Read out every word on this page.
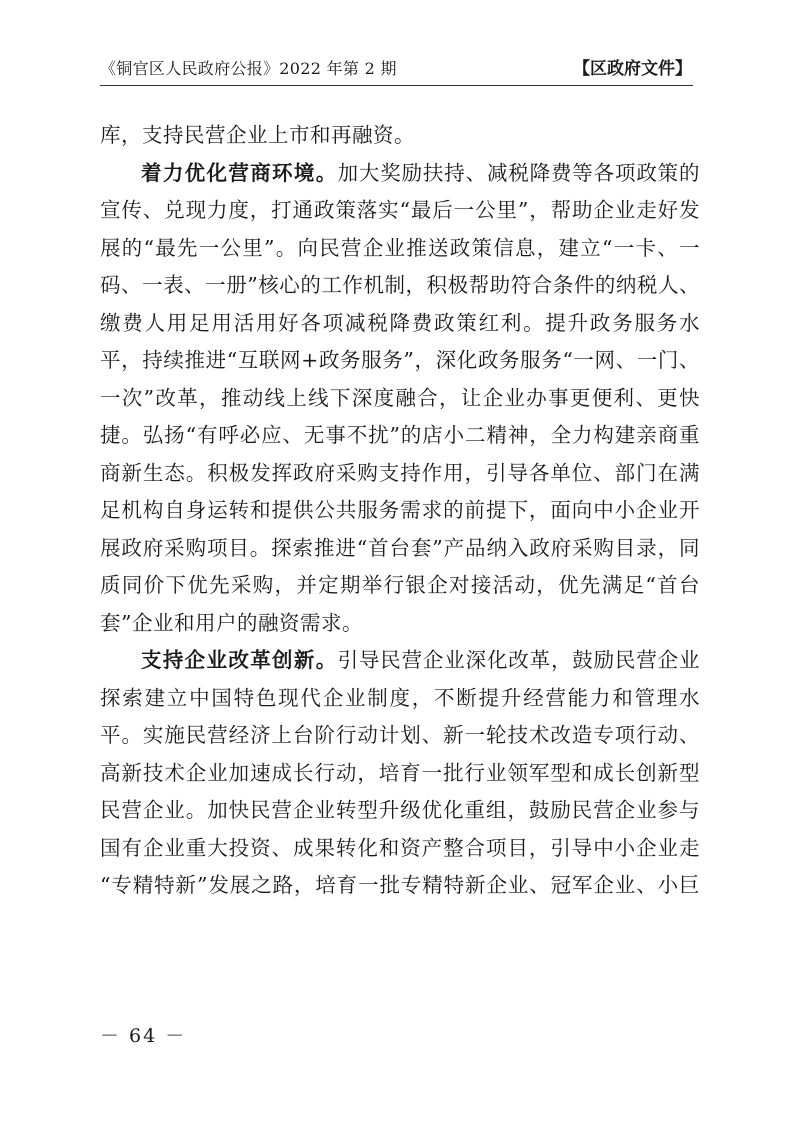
《铜官区人民政府公报》2022 年第 2 期	【区政府文件】
库，支持民营企业上市和再融资。
着力优化营商环境。加大奖励扶持、减税降费等各项政策的
宣传、兑现力度，打通政策落实“最后一公里”，帮助企业走好发
展的“最先一公里”。向民营企业推送政策信息，建立“一卡、一
码、一表、一册”核心的工作机制，积极帮助符合条件的纳税人、
缴费人用足用活用好各项减税降费政策红利。提升政务服务水
平，持续推进“互联网+政务服务”，深化政务服务“一网、一门、
一次”改革，推动线上线下深度融合，让企业办事更便利、更快
捷。弘扬“有呼必应、无事不扰”的店小二精神，全力构建亲商重
商新生态。积极发挥政府采购支持作用，引导各单位、部门在满
足机构自身运转和提供公共服务需求的前提下，面向中小企业开
展政府采购项目。探索推进“首台套”产品纳入政府采购目录，同
质同价下优先采购，并定期举行银企对接活动，优先满足“首台
套”企业和用户的融资需求。
支持企业改革创新。引导民营企业深化改革，鼓励民营企业
探索建立中国特色现代企业制度，不断提升经营能力和管理水
平。实施民营经济上台阶行动计划、新一轮技术改造专项行动、
高新技术企业加速成长行动，培育一批行业领军型和成长创新型
民营企业。加快民营企业转型升级优化重组，鼓励民营企业参与
国有企业重大投资、成果转化和资产整合项目，引导中小企业走
“专精特新”发展之路，培育一批专精特新企业、冠军企业、小巨
－ 64 －
